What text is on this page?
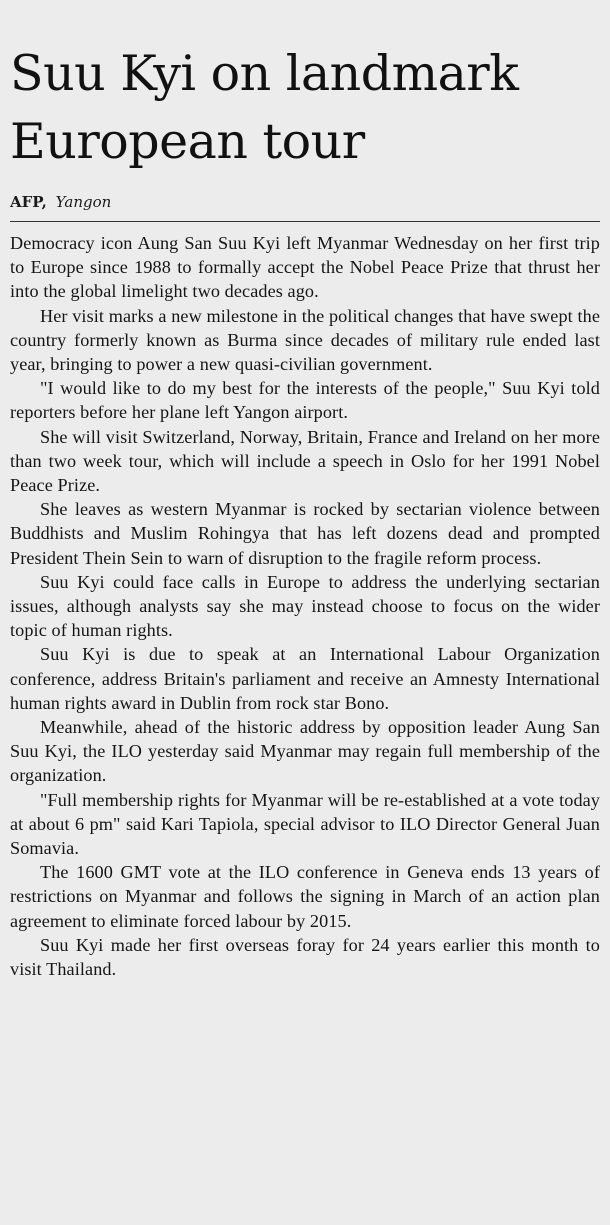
Suu Kyi on landmark European tour
AFP, Yangon

Democracy icon Aung San Suu Kyi left Myanmar Wednesday on her first trip to Europe since 1988 to formally accept the Nobel Peace Prize that thrust her into the global limelight two decades ago.

Her visit marks a new milestone in the political changes that have swept the country formerly known as Burma since decades of military rule ended last year, bringing to power a new quasi-civilian government.

"I would like to do my best for the interests of the people," Suu Kyi told reporters before her plane left Yangon airport.

She will visit Switzerland, Norway, Britain, France and Ireland on her more than two week tour, which will include a speech in Oslo for her 1991 Nobel Peace Prize.

She leaves as western Myanmar is rocked by sectarian violence between Buddhists and Muslim Rohingya that has left dozens dead and prompted President Thein Sein to warn of disruption to the fragile reform process.

Suu Kyi could face calls in Europe to address the underlying sectarian issues, although analysts say she may instead choose to focus on the wider topic of human rights.

Suu Kyi is due to speak at an International Labour Organization conference, address Britain's parliament and receive an Amnesty International human rights award in Dublin from rock star Bono.

Meanwhile, ahead of the historic address by opposition leader Aung San Suu Kyi, the ILO yesterday said Myanmar may regain full membership of the organization.

"Full membership rights for Myanmar will be re-established at a vote today at about 6 pm" said Kari Tapiola, special advisor to ILO Director General Juan Somavia.

The 1600 GMT vote at the ILO conference in Geneva ends 13 years of restrictions on Myanmar and follows the signing in March of an action plan agreement to eliminate forced labour by 2015.

Suu Kyi made her first overseas foray for 24 years earlier this month to visit Thailand.
